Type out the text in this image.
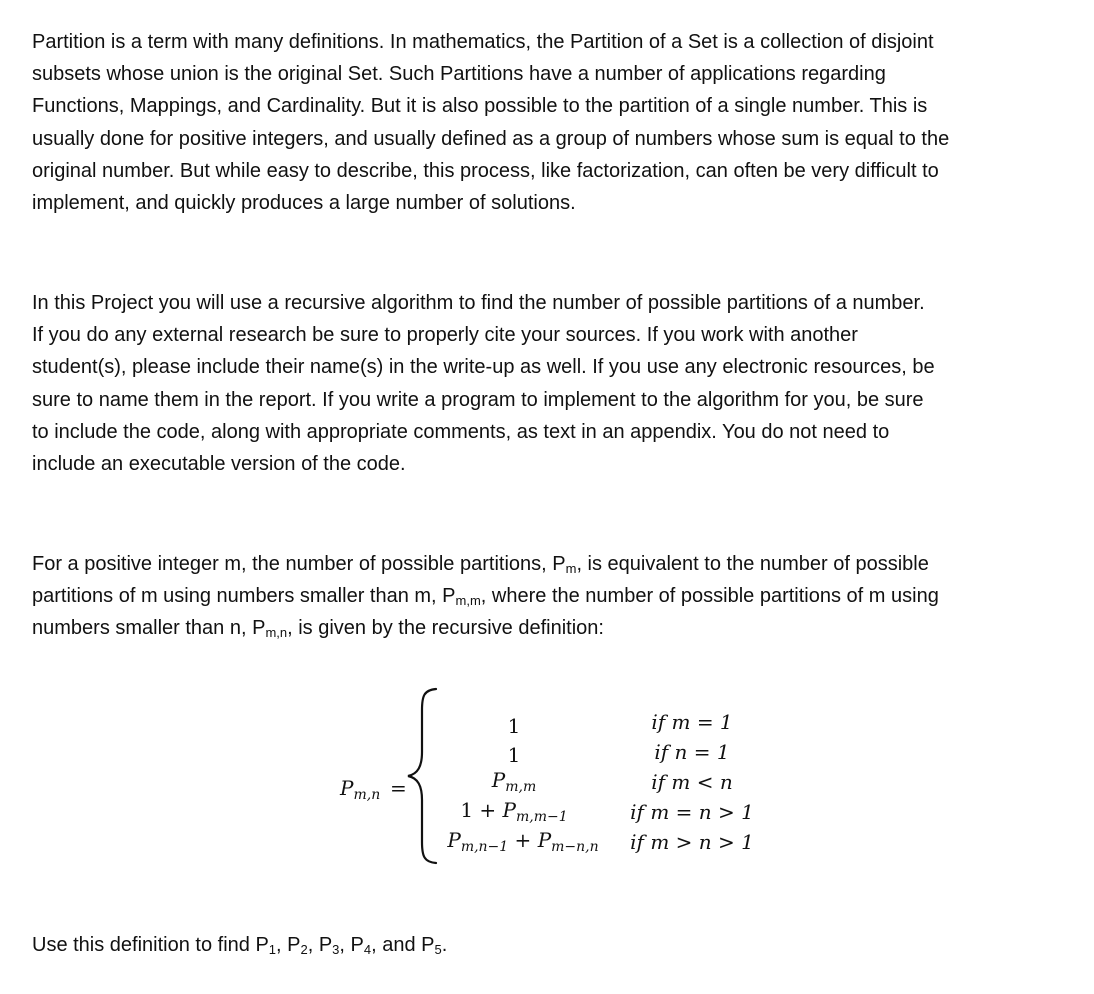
Partition is a term with many definitions. In mathematics, the Partition of a Set is a collection of disjoint
subsets whose union is the original Set. Such Partitions have a number of applications regarding
Functions, Mappings, and Cardinality. But it is also possible to the partition of a single number. This is
usually done for positive integers, and usually defined as a group of numbers whose sum is equal to the
original number. But while easy to describe, this process, like factorization, can often be very difficult to
implement, and quickly produces a large number of solutions.

In this Project you will use a recursive algorithm to find the number of possible partitions of a number.
If you do any external research be sure to properly cite your sources. If you work with another
student(s), please include their name(s) in the write-up as well. If you use any electronic resources, be
sure to name them in the report. If you write a program to implement to the algorithm for you, be sure
to include the code, along with appropriate comments, as text in an appendix. You do not need to
include an executable version of the code.

For a positive integer m, the number of possible partitions, $P_m$, is equivalent to the number of possible
partitions of m using numbers smaller than m, $P_{m,m}$, where the number of possible partitions of m using
numbers smaller than n, $P_{m,n}$, is given by the recursive definition:

$P_{m,n}$ =
1
1
$P_{m,m}$
$1 + P_{m,m-1}$
$P_{m,n-1} + P_{m-n,n}$
if m = 1
if n = 1
if m < n
if m = n > 1
if m > n > 1

Use this definition to find $P_1$, $P_2$, $P_3$, $P_4$, and $P_5$.
